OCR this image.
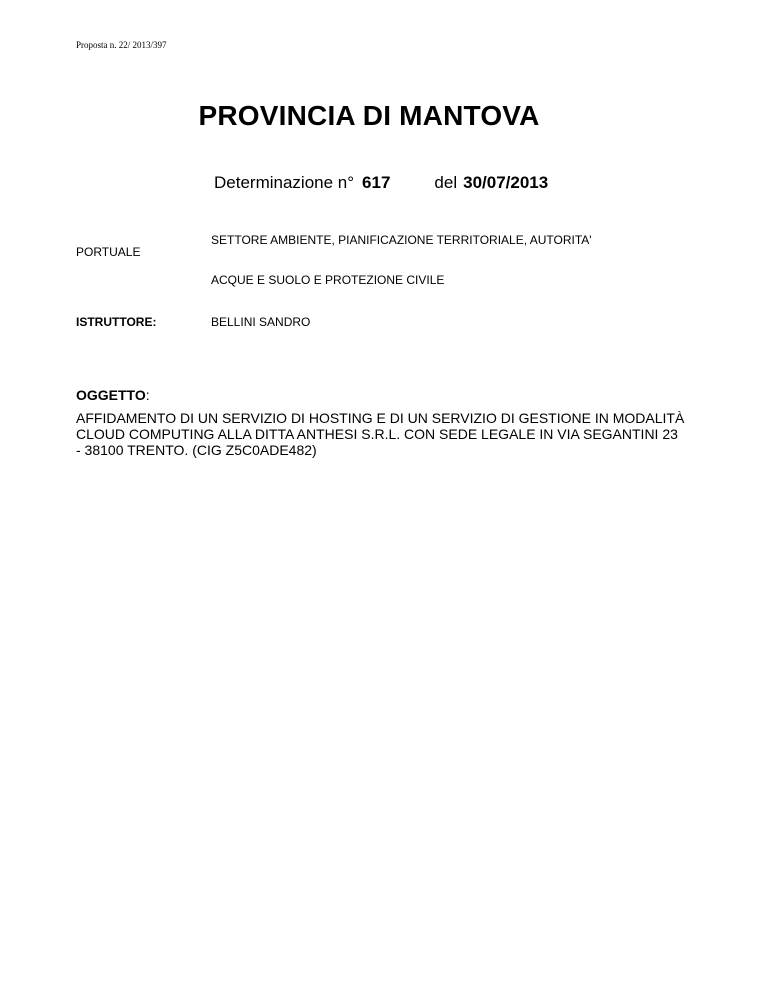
Proposta n. 22/ 2013/397
PROVINCIA DI MANTOVA
Determinazione n° 617	del 30/07/2013
SETTORE AMBIENTE, PIANIFICAZIONE TERRITORIALE, AUTORITA'
PORTUALE
ACQUE E SUOLO E PROTEZIONE CIVILE
ISTRUTTORE:	BELLINI SANDRO
OGGETTO:
AFFIDAMENTO DI UN SERVIZIO DI HOSTING E DI UN SERVIZIO DI GESTIONE IN MODALITÀ
CLOUD COMPUTING ALLA DITTA ANTHESI S.R.L. CON SEDE LEGALE IN VIA SEGANTINI 23
- 38100 TRENTO. (CIG Z5C0ADE482)
